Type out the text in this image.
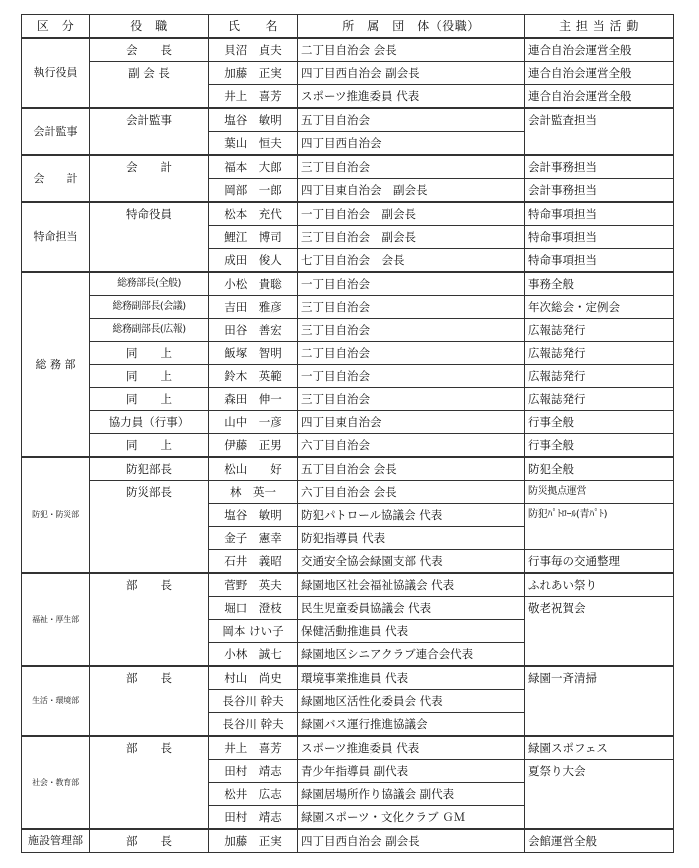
区　分	役　職	氏　　名	所　属　団　体（役職）	主 担 当 活 動
執行役員	会　　長	貝沼　貞夫	二丁目自治会 会長	連合自治会運営全般
	副 会 長	加藤　正実	四丁目西自治会 副会長	連合自治会運営全般
		井上　喜芳	スポーツ推進委員 代表	連合自治会運営全般
会計監事	会計監事	塩谷　敏明	五丁目自治会	会計監査担当
		葉山　恒夫	四丁目西自治会	
会　　計	会　　計	福本　大郎	三丁目自治会	会計事務担当
		岡部　一郎	四丁目東自治会　副会長	会計事務担当
特命担当	特命役員	松本　充代	一丁目自治会　副会長	特命事項担当
		鯉江　博司	三丁目自治会　副会長	特命事項担当
		成田　俊人	七丁目自治会　会長	特命事項担当
総 務 部	総務部長(全般)	小松　貴聡	一丁目自治会	事務全般
	総務副部長(会議)	吉田　雅彦	三丁目自治会	年次総会・定例会
	総務副部長(広報)	田谷　善宏	三丁目自治会	広報誌発行
	同　　上	飯塚　智明	二丁目自治会	広報誌発行
	同　　上	鈴木　英範	一丁目自治会	広報誌発行
	同　　上	森田　伸一	三丁目自治会	広報誌発行
	協力員（行事）	山中　一彦	四丁目東自治会	行事全般
	同　　上	伊藤　正男	六丁目自治会	行事全般
防犯・防災部	防犯部長	松山　　好	五丁目自治会 会長	防犯全般
	防災部長	林　英一	六丁目自治会 会長	防災拠点運営
		塩谷　敏明	防犯パトロール協議会 代表	防犯ﾊﾟﾄﾛｰﾙ(青ﾊﾟﾄ)
		金子　憲幸	防犯指導員 代表	
		石井　義昭	交通安全協会緑園支部 代表	行事毎の交通整理
福祉・厚生部	部　　長	菅野　英夫	緑園地区社会福祉協議会 代表	ふれあい祭り
		堀口　澄枝	民生児童委員協議会 代表	敬老祝賀会
		岡本 けい子	保健活動推進員 代表	
		小林　誠七	緑園地区シニアクラブ連合会代表	
生活・環境部	部　　長	村山　尚史	環境事業推進員 代表	緑園一斉清掃
		長谷川 幹夫	緑園地区活性化委員会 代表	
		長谷川 幹夫	緑園バス運行推進協議会	
社会・教育部	部　　長	井上　喜芳	スポーツ推進委員 代表	緑園スポフェス
		田村　靖志	青少年指導員 副代表	夏祭り大会
		松井　広志	緑園居場所作り協議会 副代表	
		田村　靖志	緑園スポーツ・文化クラブ ＧＭ	
施設管理部	部　　長	加藤　正実	四丁目西自治会 副会長	会館運営全般
